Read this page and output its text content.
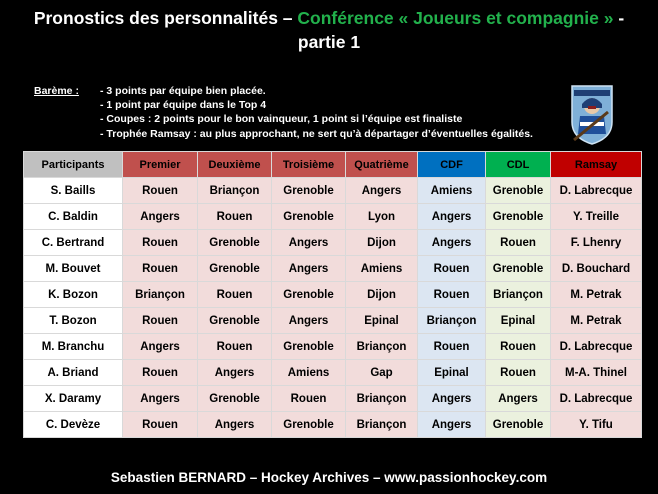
Pronostics des personnalités – Conférence « Joueurs et compagnie » -
partie 1
Barème : - 3 points par équipe bien placée.
- 1 point par équipe dans le Top 4
- Coupes : 2 points pour le bon vainqueur, 1 point si l’équipe est finaliste
- Trophée Ramsay : au plus approchant, ne sert qu’à départager d’éventuelles égalités.
Participants	Premier	Deuxième	Troisième	Quatrième	CDF	CDL	Ramsay
S. Baills	Rouen	Briançon	Grenoble	Angers	Amiens	Grenoble	D. Labrecque
C. Baldin	Angers	Rouen	Grenoble	Lyon	Angers	Grenoble	Y. Treille
C. Bertrand	Rouen	Grenoble	Angers	Dijon	Angers	Rouen	F. Lhenry
M. Bouvet	Rouen	Grenoble	Angers	Amiens	Rouen	Grenoble	D. Bouchard
K. Bozon	Briançon	Rouen	Grenoble	Dijon	Rouen	Briançon	M. Petrak
T. Bozon	Rouen	Grenoble	Angers	Epinal	Briançon	Epinal	M. Petrak
M. Branchu	Angers	Rouen	Grenoble	Briançon	Rouen	Rouen	D. Labrecque
A. Briand	Rouen	Angers	Amiens	Gap	Epinal	Rouen	M-A. Thinel
X. Daramy	Angers	Grenoble	Rouen	Briançon	Angers	Angers	D. Labrecque
C. Devèze	Rouen	Angers	Grenoble	Briançon	Angers	Grenoble	Y. Tifu
Sebastien BERNARD – Hockey Archives – www.passionhockey.com
